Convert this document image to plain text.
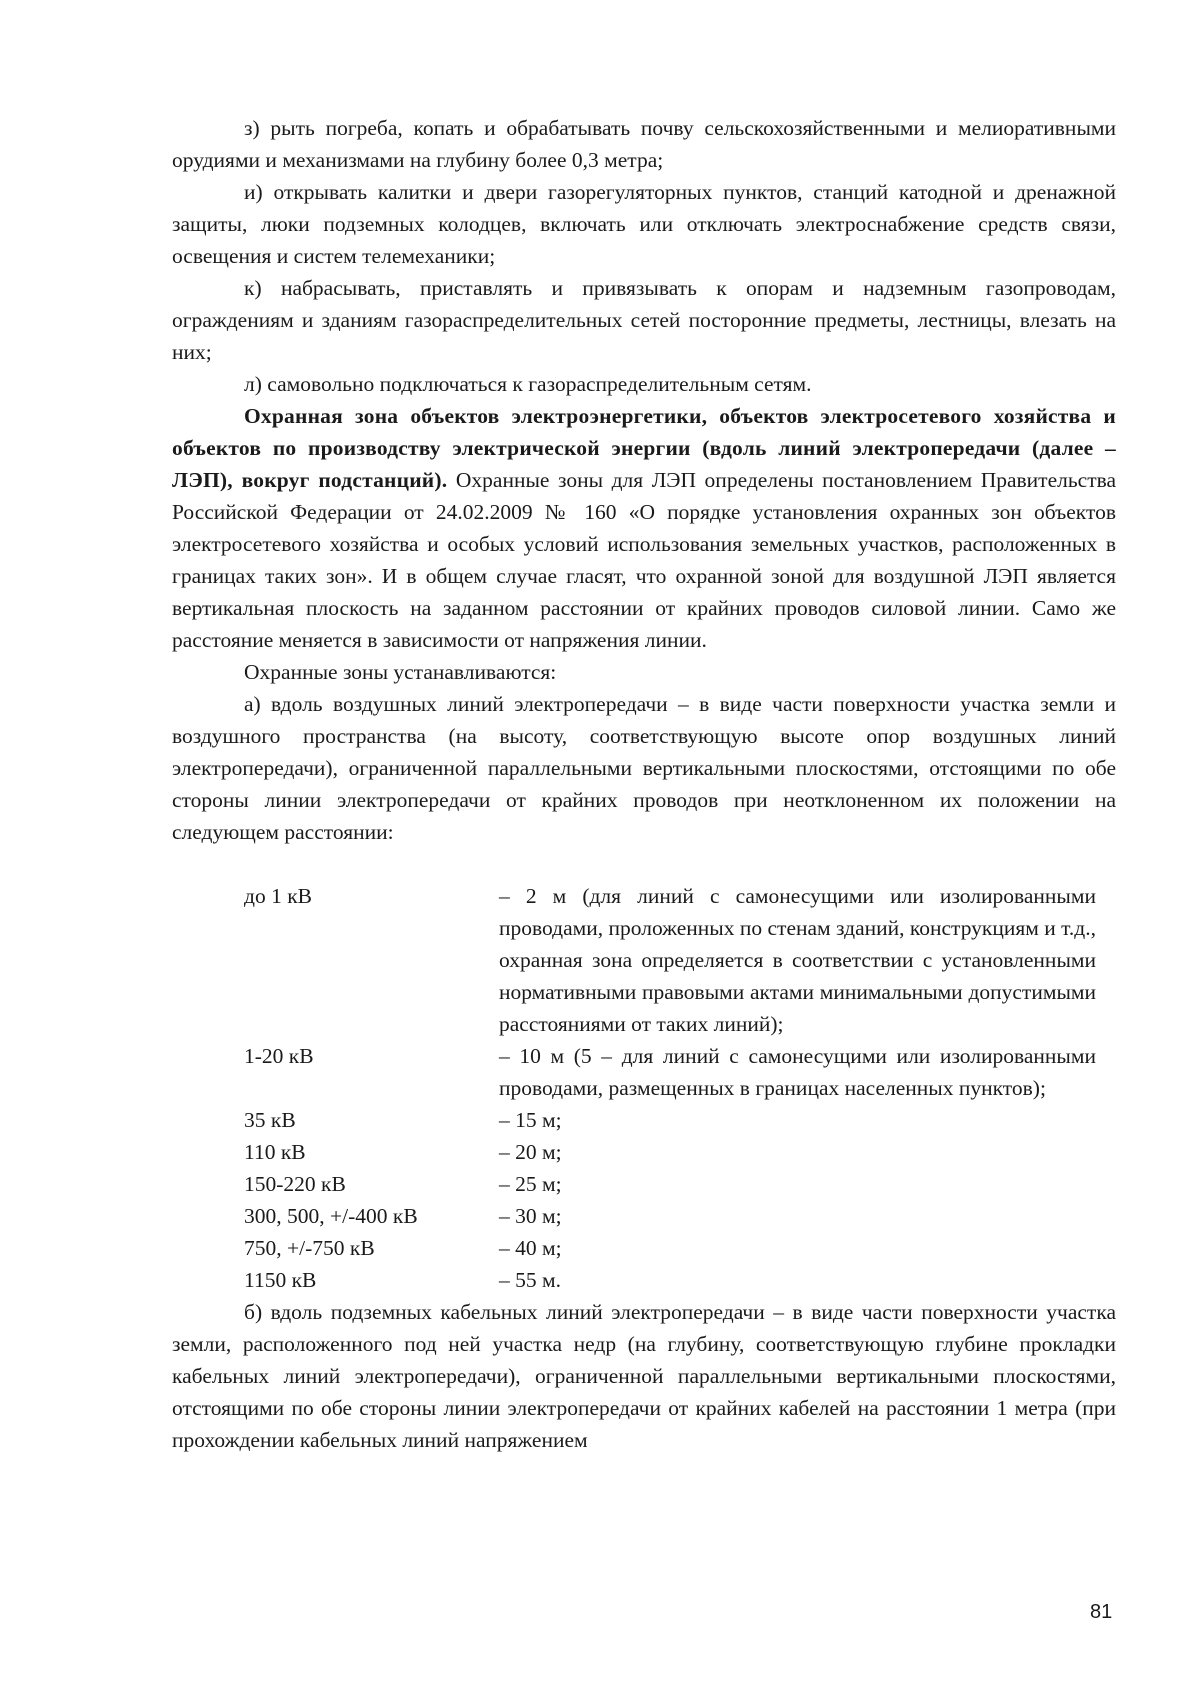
з) рыть погреба, копать и обрабатывать почву сельскохозяйственными и мелиоративными орудиями и механизмами на глубину более 0,3 метра;

и) открывать калитки и двери газорегуляторных пунктов, станций катодной и дренажной защиты, люки подземных колодцев, включать или отключать электроснабжение средств связи, освещения и систем телемеханики;

к) набрасывать, приставлять и привязывать к опорам и надземным газопроводам, ограждениям и зданиям газораспределительных сетей посторонние предметы, лестницы, влезать на них;

л) самовольно подключаться к газораспределительным сетям.

Охранная зона объектов электроэнергетики, объектов электросетевого хозяйства и объектов по производству электрической энергии (вдоль линий электропередачи (далее – ЛЭП), вокруг подстанций). Охранные зоны для ЛЭП определены постановлением Правительства Российской Федерации от 24.02.2009 № 160 «О порядке установления охранных зон объектов электросетевого хозяйства и особых условий использования земельных участков, расположенных в границах таких зон». И в общем случае гласят, что охранной зоной для воздушной ЛЭП является вертикальная плоскость на заданном расстоянии от крайних проводов силовой линии. Само же расстояние меняется в зависимости от напряжения линии.

Охранные зоны устанавливаются:

а) вдоль воздушных линий электропередачи – в виде части поверхности участка земли и воздушного пространства (на высоту, соответствующую высоте опор воздушных линий электропередачи), ограниченной параллельными вертикальными плоскостями, отстоящими по обе стороны линии электропередачи от крайних проводов при неотклоненном их положении на следующем расстоянии:

до 1 кВ	– 2 м (для линий с самонесущими или изолированными проводами, проложенных по стенам зданий, конструкциям и т.д., охранная зона определяется в соответствии с установленными нормативными правовыми актами минимальными допустимыми расстояниями от таких линий);
1-20 кВ	– 10 м (5 – для линий с самонесущими или изолированными проводами, размещенных в границах населенных пунктов);
35 кВ	– 15 м;
110 кВ	– 20 м;
150-220 кВ	– 25 м;
300, 500, +/-400 кВ	– 30 м;
750, +/-750 кВ	– 40 м;
1150 кВ	– 55 м.

б) вдоль подземных кабельных линий электропередачи – в виде части поверхности участка земли, расположенного под ней участка недр (на глубину, соответствующую глубине прокладки кабельных линий электропередачи), ограниченной параллельными вертикальными плоскостями, отстоящими по обе стороны линии электропередачи от крайних кабелей на расстоянии 1 метра (при прохождении кабельных линий напряжением

81
